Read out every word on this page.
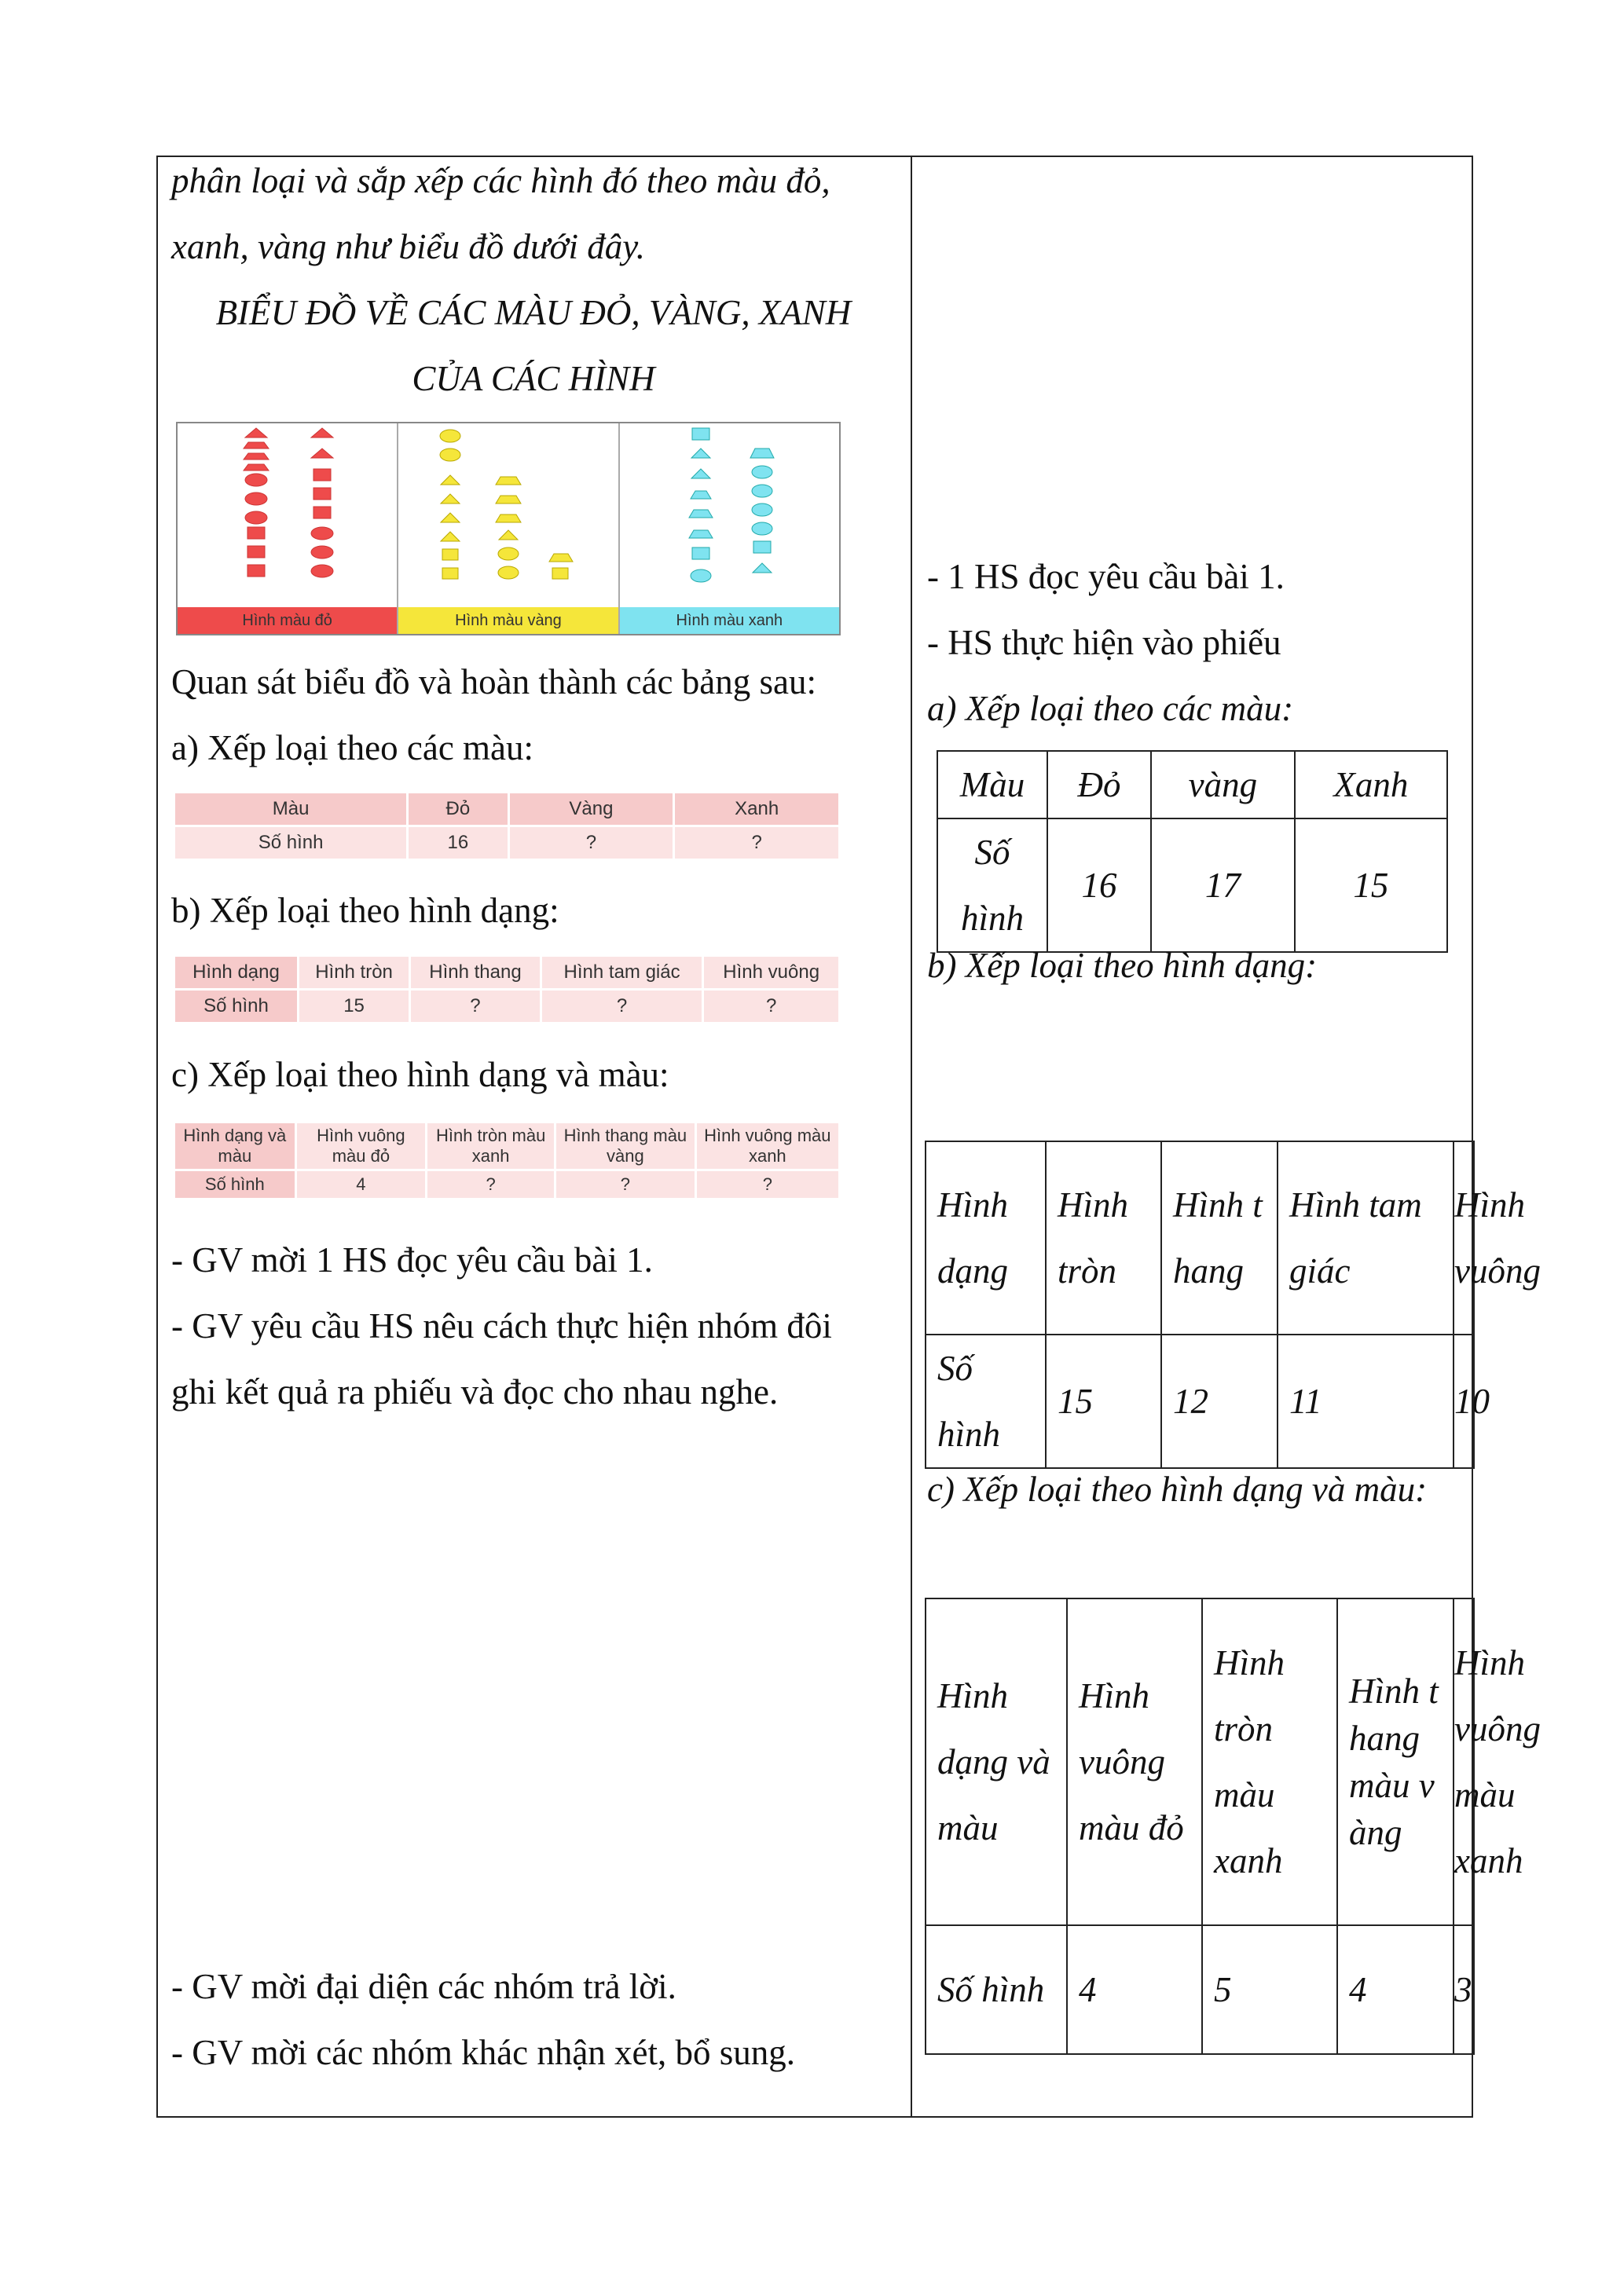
phân loại và sắp xếp các hình đó theo màu đỏ,
xanh, vàng như biểu đồ dưới đây.
BIỂU ĐỒ VỀ CÁC MÀU ĐỎ, VÀNG, XANH
CỦA CÁC HÌNH
Hình màu đỏ	Hình màu vàng	Hình màu xanh
Quan sát biểu đồ và hoàn thành các bảng sau:
a) Xếp loại theo các màu:
Màu	Đỏ	Vàng	Xanh
Số hình	16	?	?
b) Xếp loại theo hình dạng:
Hình dạng	Hình tròn	Hình thang	Hình tam giác	Hình vuông
Số hình	15	?	?	?
c) Xếp loại theo hình dạng và màu:
Hình dạng và màu	Hình vuông màu đỏ	Hình tròn màu xanh	Hình thang màu vàng	Hình vuông màu xanh
Số hình	4	?	?	?
- GV mời 1 HS đọc yêu cầu bài 1.
- GV yêu cầu HS nêu cách thực hiện nhóm đôi
ghi kết quả ra phiếu và đọc cho nhau nghe.
- GV mời đại diện các nhóm trả lời.
- GV mời các nhóm khác nhận xét, bổ sung.
- 1 HS đọc yêu cầu bài 1.
- HS thực hiện vào phiếu
a) Xếp loại theo các màu:
Màu	Đỏ	vàng	Xanh
Số hình	16	17	15
b) Xếp loại theo hình dạng:
Hình dạng	Hình tròn	Hình thang	Hình tam giác	Hình vuông
Số hình	15	12	11	10
c) Xếp loại theo hình dạng và màu:
Hình dạng và màu	Hình vuông màu đỏ	Hình tròn màu xanh	Hình thang màu vàng	Hình vuông màu xanh
Số hình	4	5	4	3
